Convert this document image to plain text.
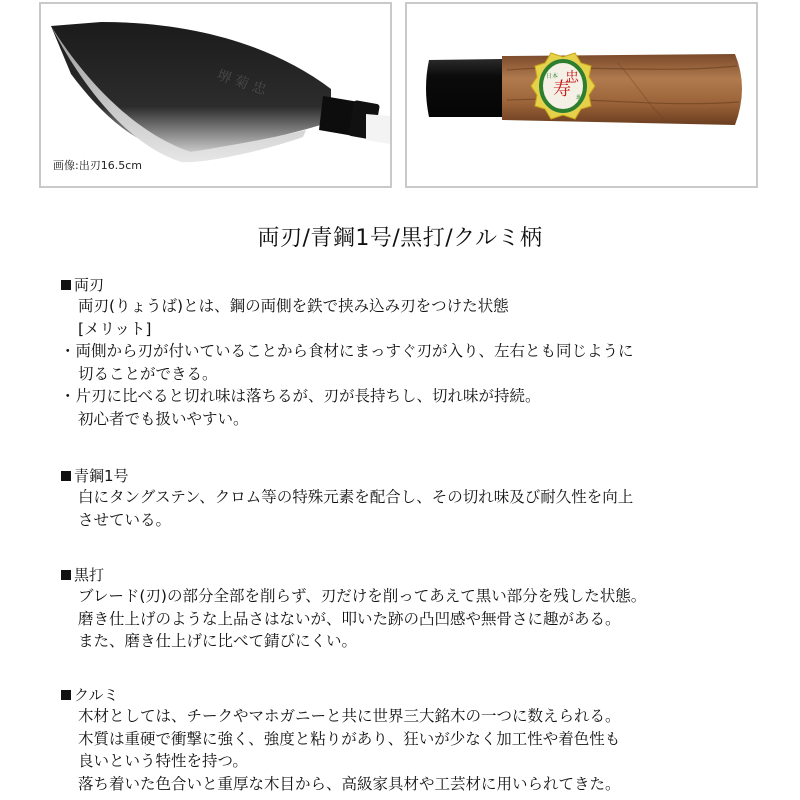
堺 菊 忠
画像:出刃16.5cm
寿
忠
日本
堺
両刃/青鋼1号/黒打/クルミ柄
両刃
両刃(りょうば)とは、鋼の両側を鉄で挟み込み刃をつけた状態
[メリット]
・両側から刃が付いていることから食材にまっすぐ刃が入り、左右とも同じように
切ることができる。
・片刃に比べると切れ味は落ちるが、刃が長持ちし、切れ味が持続。
初心者でも扱いやすい。
青鋼1号
白にタングステン、クロム等の特殊元素を配合し、その切れ味及び耐久性を向上
させている。
黒打
ブレード(刃)の部分全部を削らず、刃だけを削ってあえて黒い部分を残した状態。
磨き仕上げのような上品さはないが、叩いた跡の凸凹感や無骨さに趣がある。
また、磨き仕上げに比べて錆びにくい。
クルミ
木材としては、チークやマホガニーと共に世界三大銘木の一つに数えられる。
木質は重硬で衝撃に強く、強度と粘りがあり、狂いが少なく加工性や着色性も
良いという特性を持つ。
落ち着いた色合いと重厚な木目から、高級家具材や工芸材に用いられてきた。
